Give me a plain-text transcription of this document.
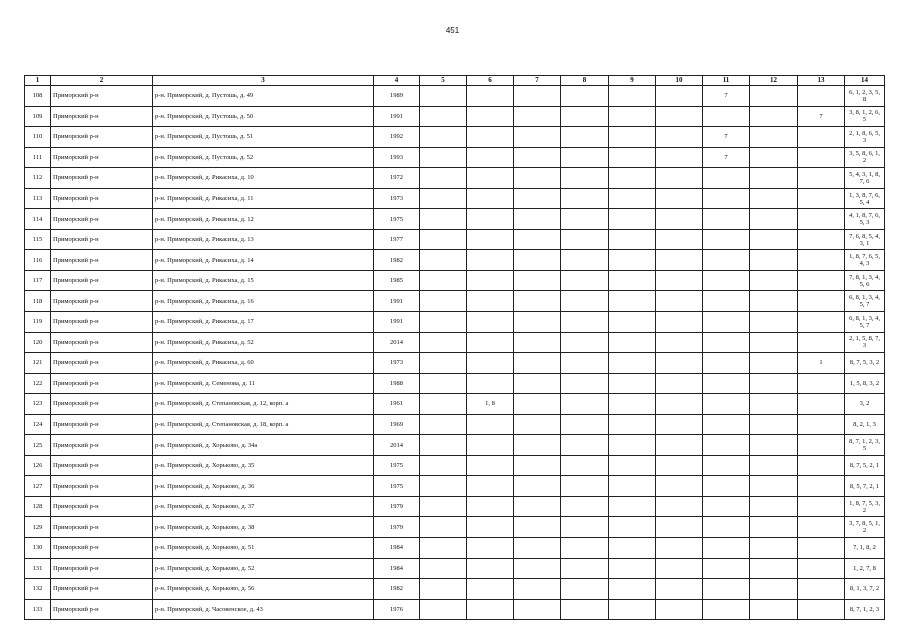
451
1	2	3	4	5	6	7	8	9	10	11	12	13	14
108	Приморский р-н	р-н. Приморский, д. Пустошь, д. 49	1989							7			6, 1, 2, 3, 5, 8
109	Приморский р-н	р-н. Приморский, д. Пустошь, д. 50	1991									7	3, 8, 1, 2, 6, 5
110	Приморский р-н	р-н. Приморский, д. Пустошь, д. 51	1992							7			2, 1, 8, 6, 5, 3
111	Приморский р-н	р-н. Приморский, д. Пустошь, д. 52	1993							7			3, 5, 8, 6, 1, 2
112	Приморский р-н	р-н. Приморский, д. Рикасиха, д. 10	1972										5, 4, 3, 1, 8, 7, 6
113	Приморский р-н	р-н. Приморский, д. Рикасиха, д. 11	1973										1, 3, 8, 7, 6, 5, 4
114	Приморский р-н	р-н. Приморский, д. Рикасиха, д. 12	1975										4, 1, 8, 7, 6, 5, 3
115	Приморский р-н	р-н. Приморский, д. Рикасиха, д. 13	1977										7, 6, 8, 5, 4, 3, 1
116	Приморский р-н	р-н. Приморский, д. Рикасиха, д. 14	1982										1, 8, 7, 6, 5, 4, 3
117	Приморский р-н	р-н. Приморский, д. Рикасиха, д. 15	1985										7, 8, 1, 3, 4, 5, 6
118	Приморский р-н	р-н. Приморский, д. Рикасиха, д. 16	1991										6, 8, 1, 3, 4, 5, 7
119	Приморский р-н	р-н. Приморский, д. Рикасиха, д. 17	1991										6, 8, 1, 3, 4, 5, 7
120	Приморский р-н	р-н. Приморский, д. Рикасиха, д. 52	2014										2, 1, 5, 8, 7, 3
121	Приморский р-н	р-н. Приморский, д. Рикасиха, д. 60	1973									1	8, 7, 5, 3, 2
122	Приморский р-н	р-н. Приморский, д. Семенова, д. 11	1988										1, 5, 8, 3, 2
123	Приморский р-н	р-н. Приморский, д. Степановская, д. 12, корп. а	1961		1, 8								3, 2
124	Приморский р-н	р-н. Приморский, д. Степановская, д. 18, корп. а	1969										8, 2, 1, 3
125	Приморский р-н	р-н. Приморский, д. Хорьково, д. 34а	2014										8, 7, 1, 2, 3, 5
126	Приморский р-н	р-н. Приморский, д. Хорьково, д. 35	1975										8, 7, 5, 2, 1
127	Приморский р-н	р-н. Приморский, д. Хорьково, д. 36	1975										8, 5, 7, 2, 1
128	Приморский р-н	р-н. Приморский, д. Хорьково, д. 37	1979										1, 8, 7, 5, 3, 2
129	Приморский р-н	р-н. Приморский, д. Хорьково, д. 38	1979										3, 7, 8, 5, 1, 2
130	Приморский р-н	р-н. Приморский, д. Хорьково, д. 51	1984										7, 1, 8, 2
131	Приморский р-н	р-н. Приморский, д. Хорьково, д. 52	1984										1, 2, 7, 8
132	Приморский р-н	р-н. Приморский, д. Хорьково, д. 56	1982										8, 1, 3, 7, 2
133	Приморский р-н	р-н. Приморский, д. Часовенское, д. 43	1976										8, 7, 1, 2, 3
